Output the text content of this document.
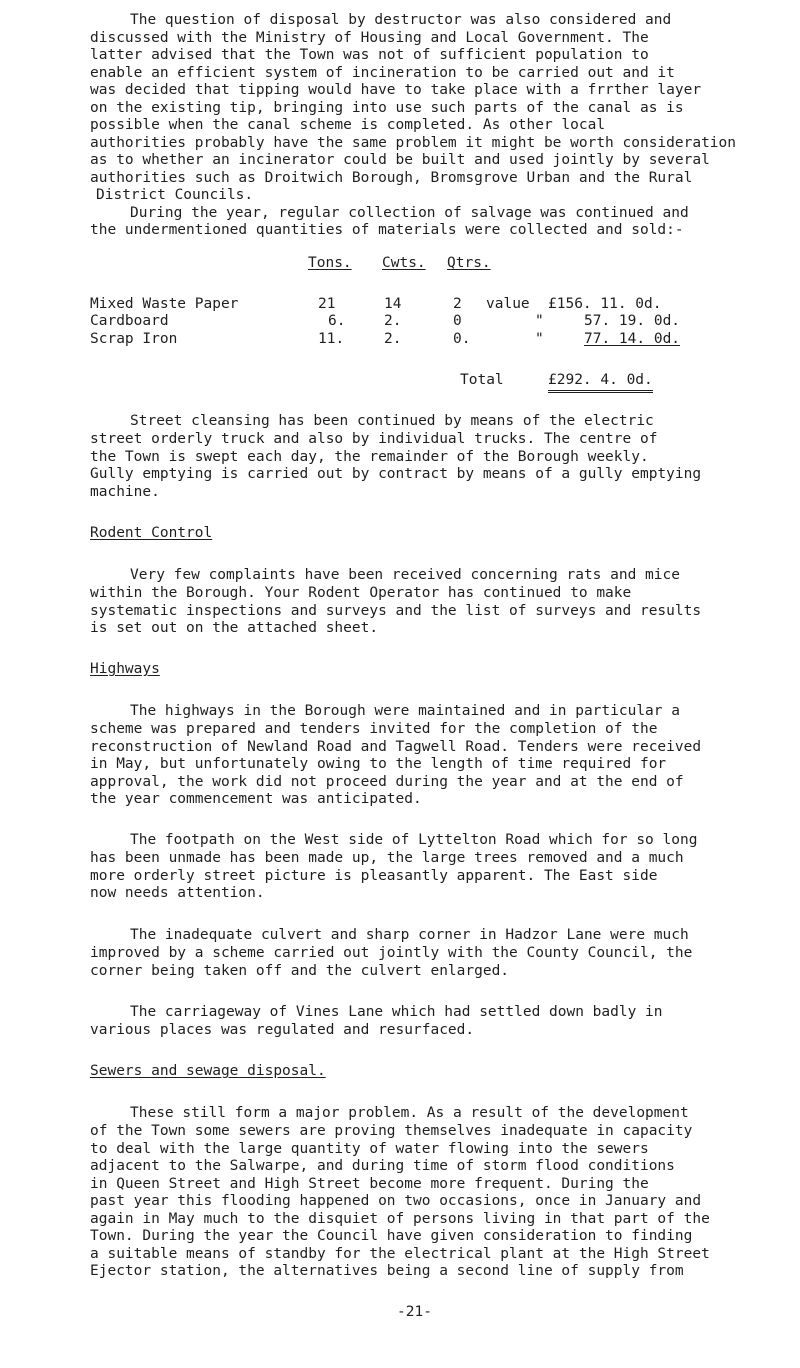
The question of disposal by destructor was also considered and
discussed with the Ministry of Housing and Local Government. The
latter advised that the Town was not of sufficient population to
enable an efficient system of incineration to be carried out and it
was decided that tipping would have to take place with a frrther layer
on the existing tip, bringing into use such parts of the canal as is
possible when the canal scheme is completed. As other local
authorities probably have the same problem it might be worth consideration
as to whether an incinerator could be built and used jointly by several
authorities such as Droitwich Borough, Bromsgrove Urban and the Rural
District Councils.
During the year, regular collection of salvage was continued and
the undermentioned quantities of materials were collected and sold:-
Tons. Cwts. Qtrs.
Mixed Waste Paper	21	14	2 value £156. 11. 0d.
Cardboard	6.	2.	0	"	57. 19. 0d.
Scrap Iron	11.	2.	0.	"	77. 14. 0d.
Total	£292. 4. 0d.
Street cleansing has been continued by means of the electric
street orderly truck and also by individual trucks. The centre of
the Town is swept each day, the remainder of the Borough weekly.
Gully emptying is carried out by contract by means of a gully emptying
machine.
Rodent Control
Very few complaints have been received concerning rats and mice
within the Borough. Your Rodent Operator has continued to make
systematic inspections and surveys and the list of surveys and results
is set out on the attached sheet.
Highways
The highways in the Borough were maintained and in particular a
scheme was prepared and tenders invited for the completion of the
reconstruction of Newland Road and Tagwell Road. Tenders were received
in May, but unfortunately owing to the length of time required for
approval, the work did not proceed during the year and at the end of
the year commencement was anticipated.
The footpath on the West side of Lyttelton Road which for so long
has been unmade has been made up, the large trees removed and a much
more orderly street picture is pleasantly apparent. The East side
now needs attention.
The inadequate culvert and sharp corner in Hadzor Lane were much
improved by a scheme carried out jointly with the County Council, the
corner being taken off and the culvert enlarged.
The carriageway of Vines Lane which had settled down badly in
various places was regulated and resurfaced.
Sewers and sewage disposal.
These still form a major problem. As a result of the development
of the Town some sewers are proving themselves inadequate in capacity
to deal with the large quantity of water flowing into the sewers
adjacent to the Salwarpe, and during time of storm flood conditions
in Queen Street and High Street become more frequent. During the
past year this flooding happened on two occasions, once in January and
again in May much to the disquiet of persons living in that part of the
Town. During the year the Council have given consideration to finding
a suitable means of standby for the electrical plant at the High Street
Ejector station, the alternatives being a second line of supply from
-21-
